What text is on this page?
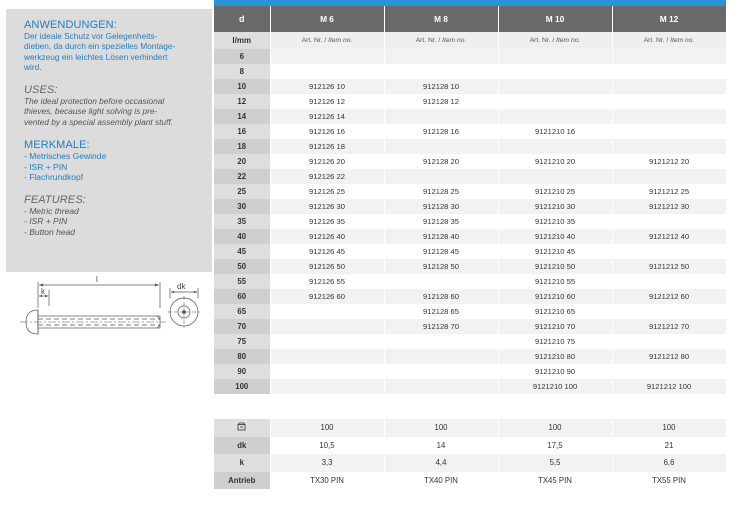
ANWENDUNGEN:
Der ideale Schutz vor Gelegenheits-
dieben, da durch ein spezielles Montage-
werkzeug ein leichtes Lösen verhindert
wird.
USES:
The ideal protection before occasional
thieves, because light solving is pre-
vented by a special assembly plant stuff.
MERKMALE:
- Metrisches Gewinde
- ISR + PIN
- Flachrundkopf
FEATURES:
- Metric thread
- ISR + PIN
- Button head
l
k
dk
d	M 6	M 8	M 10	M 12
l/mm	Art. Nr. / Item no.	Art. Nr. / Item no.	Art. Nr. / Item no.	Art. Nr. / Item no.
6				
8				
10	912126 10	912128 10		
12	912126 12	912128 12		
14	912126 14			
16	912126 16	912128 16	9121210 16	
18	912126 18			
20	912126 20	912128 20	9121210 20	9121212 20
22	912126 22			
25	912126 25	912128 25	9121210 25	9121212 25
30	912126 30	912128 30	9121210 30	9121212 30
35	912126 35	912128 35	9121210 35	
40	912126 40	912128 40	9121210 40	9121212 40
45	912126 45	912128 45	9121210 45	
50	912126 50	912128 50	9121210 50	9121212 50
55	912126 55		9121210 55	
60	912126 60	912128 60	9121210 60	9121212 60
65		912128 65	9121210 65	
70		912128 70	9121210 70	9121212 70
75			9121210 75	
80			9121210 80	9121212 80
90			9121210 90	
100			9121210 100	9121212 100

	100	100	100	100
dk	10,5	14	17,5	21
k	3,3	4,4	5,5	6,6
Antrieb	TX30 PIN	TX40 PIN	TX45 PIN	TX55 PIN
